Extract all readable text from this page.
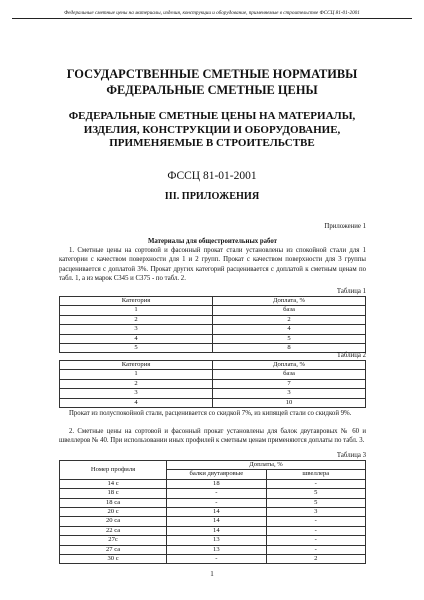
Федеральные сметные цены на материалы, изделия, конструкции и оборудование, применяемые в строительстве ФССЦ 81-01-2001
ГОСУДАРСТВЕННЫЕ СМЕТНЫЕ НОРМАТИВЫ
ФЕДЕРАЛЬНЫЕ СМЕТНЫЕ ЦЕНЫ
ФЕДЕРАЛЬНЫЕ СМЕТНЫЕ ЦЕНЫ НА МАТЕРИАЛЫ,
ИЗДЕЛИЯ, КОНСТРУКЦИИ И ОБОРУДОВАНИЕ,
ПРИМЕНЯЕМЫЕ В СТРОИТЕЛЬСТВЕ
ФССЦ 81-01-2001
III. ПРИЛОЖЕНИЯ
Приложение 1
Материалы для общестроительных работ
1. Сметные цены на сортовой и фасонный прокат стали установлены из спокойной стали для 1 категории с качеством поверхности для 1 и 2 групп. Прокат с качеством поверхности для 3 группы расценивается с доплатой 3%. Прокат других категорий расценивается с доплатой к сметным ценам по табл. 1, а из марок С345 и С375 - по табл. 2.
Таблица 1
Категория	Доплата, %
1	база
2	2
3	4
4	5
5	8
Таблица 2
Категория	Доплата, %
1	база
2	7
3	3
4	10
Прокат из полуспокойной стали, расценивается со скидкой 7%, из кипящей стали со скидкой 9%.
2. Сметные цены на сортовой и фасонный прокат установлены для балок двутавровых № 60 и швеллеров № 40. При использовании иных профилей к сметным ценам применяются доплаты по табл. 3.
Таблица 3
Номер профиля	Доплаты, %	
	балки двутавровые	швеллера
14 с	18	-
18 с	-	5
18 са	-	5
20 с	14	3
20 са	14	-
22 са	14	-
27с	13	-
27 са	13	-
30 с	-	2
1
